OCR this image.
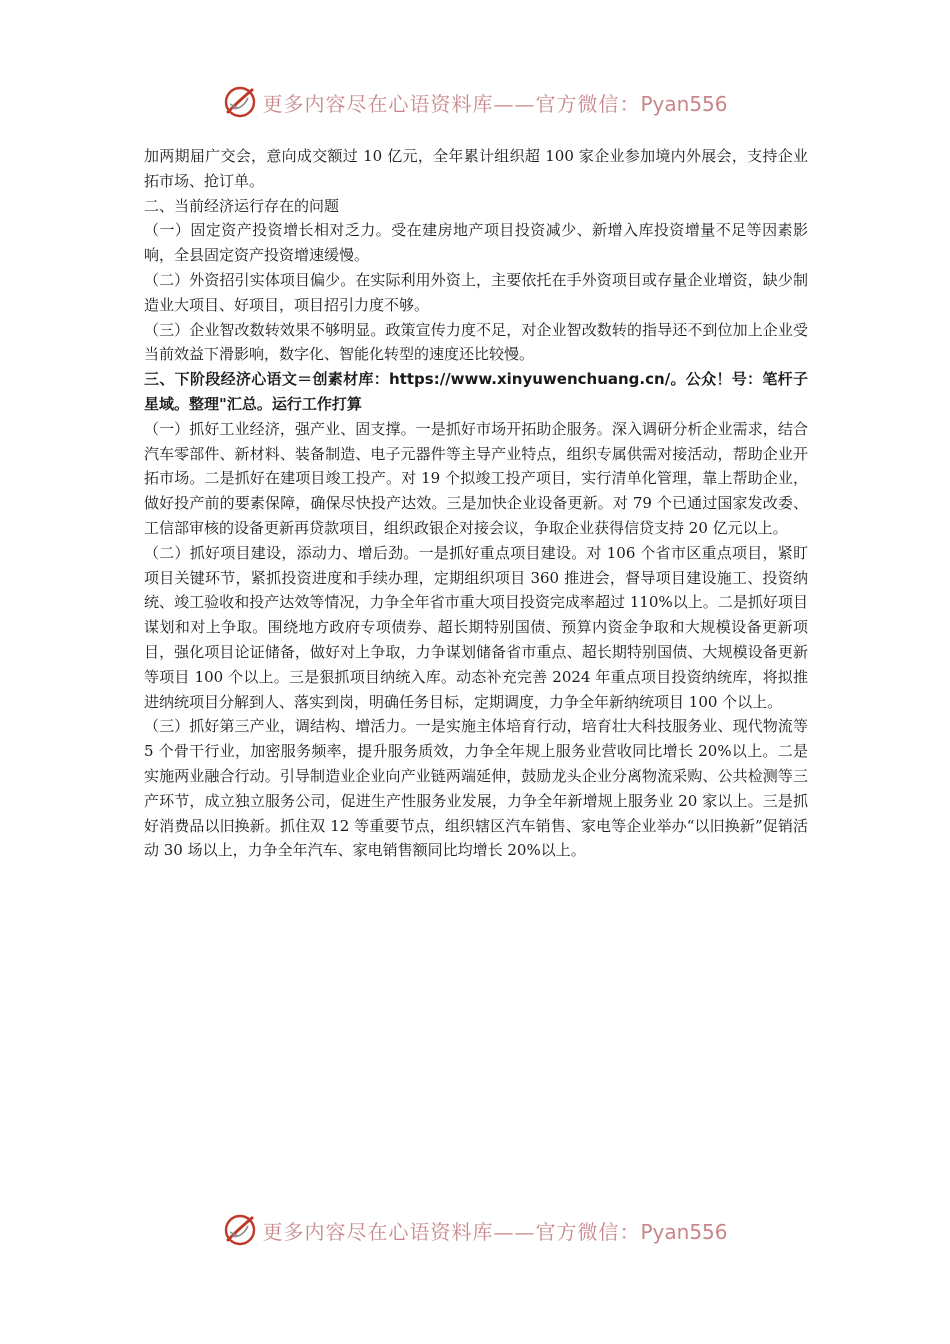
更多内容尽在心语资料库——官方微信：Pyan556

加两期届广交会，意向成交额过 10 亿元，全年累计组织超 100 家企业参加境内外展会，支持企业拓市场、抢订单。

二、当前经济运行存在的问题

（一）固定资产投资增长相对乏力。受在建房地产项目投资减少、新增入库投资增量不足等因素影响，全县固定资产投资增速缓慢。

（二）外资招引实体项目偏少。在实际利用外资上，主要依托在手外资项目或存量企业增资，缺少制造业大项目、好项目，项目招引力度不够。

（三）企业智改数转效果不够明显。政策宣传力度不足，对企业智改数转的指导还不到位加上企业受当前效益下滑影响，数字化、智能化转型的速度还比较慢。

三、下阶段经济心语文＝创素材库：https://www.xinyuwenchuang.cn/。公众！号：笔杆子星域。整理"汇总。运行工作打算

（一）抓好工业经济，强产业、固支撑。一是抓好市场开拓助企服务。深入调研分析企业需求，结合汽车零部件、新材料、装备制造、电子元器件等主导产业特点，组织专属供需对接活动，帮助企业开拓市场。二是抓好在建项目竣工投产。对 19 个拟竣工投产项目，实行清单化管理，靠上帮助企业，做好投产前的要素保障，确保尽快投产达效。三是加快企业设备更新。对 79 个已通过国家发改委、工信部审核的设备更新再贷款项目，组织政银企对接会议，争取企业获得信贷支持 20 亿元以上。

（二）抓好项目建设，添动力、增后劲。一是抓好重点项目建设。对 106 个省市区重点项目，紧盯项目关键环节，紧抓投资进度和手续办理，定期组织项目 360 推进会，督导项目建设施工、投资纳统、竣工验收和投产达效等情况，力争全年省市重大项目投资完成率超过 110%以上。二是抓好项目谋划和对上争取。围绕地方政府专项债券、超长期特别国债、预算内资金争取和大规模设备更新项目，强化项目论证储备，做好对上争取，力争谋划储备省市重点、超长期特别国债、大规模设备更新等项目 100 个以上。三是狠抓项目纳统入库。动态补充完善 2024 年重点项目投资纳统库，将拟推进纳统项目分解到人、落实到岗，明确任务目标，定期调度，力争全年新纳统项目 100 个以上。

（三）抓好第三产业，调结构、增活力。一是实施主体培育行动，培育壮大科技服务业、现代物流等 5 个骨干行业，加密服务频率，提升服务质效，力争全年规上服务业营收同比增长 20%以上。二是实施两业融合行动。引导制造业企业向产业链两端延伸，鼓励龙头企业分离物流采购、公共检测等三产环节，成立独立服务公司，促进生产性服务业发展，力争全年新增规上服务业 20 家以上。三是抓好消费品以旧换新。抓住双 12 等重要节点，组织辖区汽车销售、家电等企业举办“以旧换新”促销活动 30 场以上，力争全年汽车、家电销售额同比均增长 20%以上。

更多内容尽在心语资料库——官方微信：Pyan556
